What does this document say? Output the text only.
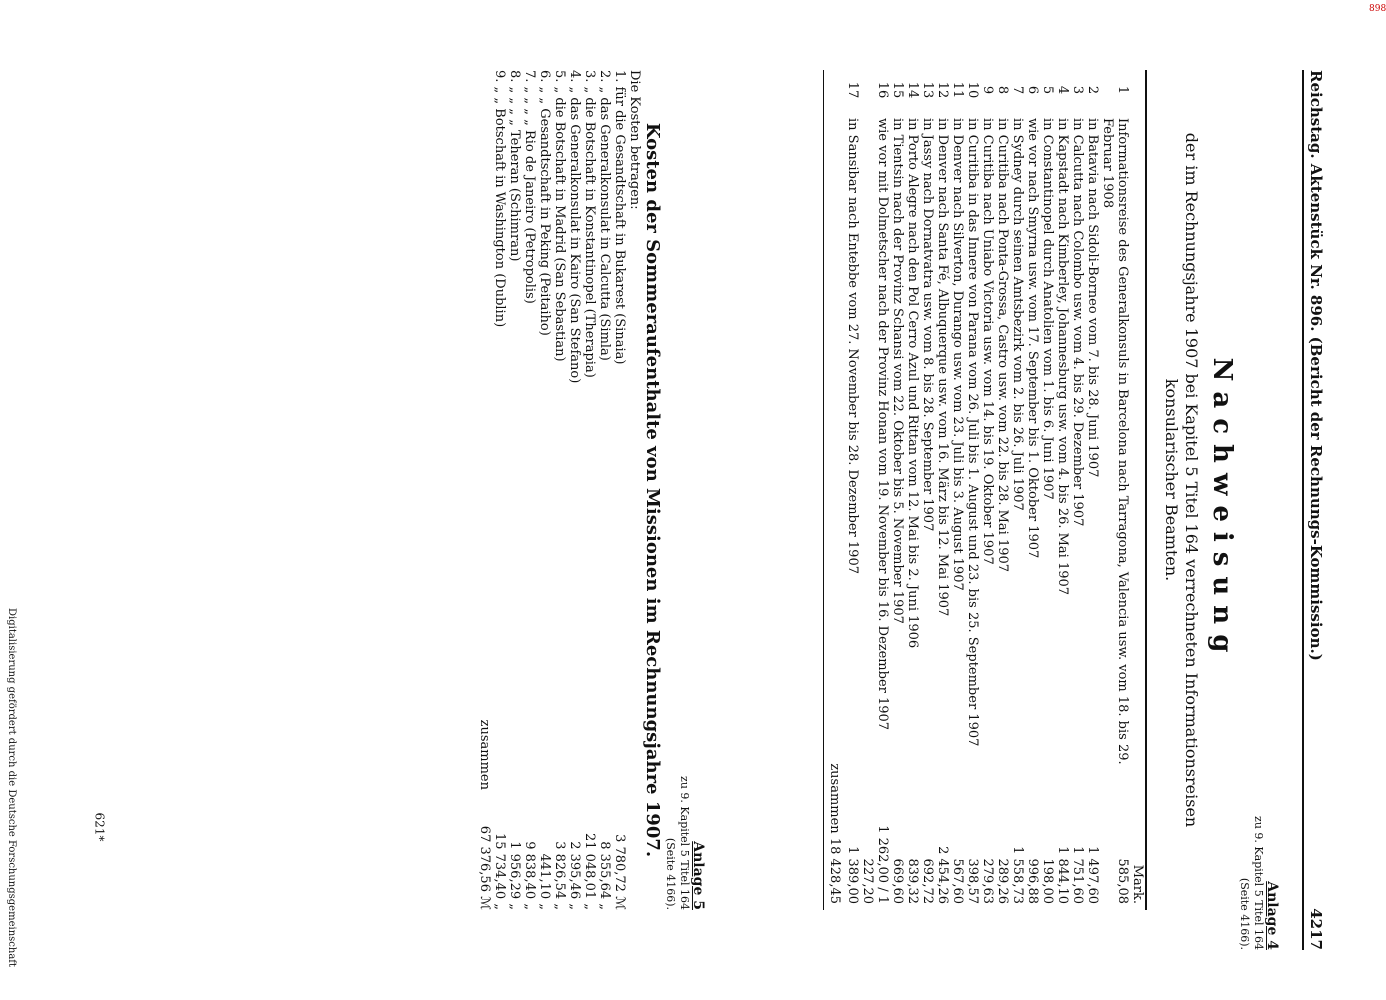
898
Reichstag. Aktenstück Nr. 896. (Bericht der Rechnungs-Kommission.)
4217
Anlage 4
zu 9. Kapitel 5 Titel 164
(Seite 4166).
Nachweisung
der im Rechnungsjahre 1907 bei Kapitel 5 Titel 164 verrechneten Informationsreisen konsularischer Beamten.
Mark.
1
Informationsreise des Generalkonsuls in Barcelona nach Tarragona, Valencia usw. vom 18. bis 29. Februar 1908
585,08
2
in Batavia nach Sidoli-Borneo vom 7. bis 28. Juni 1907
1 497,60
3
in Calcutta nach Colombo usw. vom 4. bis 29. Dezember 1907
1 751,60
4
in Kapstadt nach Kimberley, Johannesburg usw. vom 4. bis 26. Mai 1907
1 844,10
5
in Constantinopel durch Anatolien vom 1. bis 6. Juni 1907
198,00
6
wie vor nach Smyrna usw. vom 17. September bis 1. Oktober 1907
996,88
7
in Sydney durch seinen Amtsbezirk vom 2. bis 26. Juli 1907
1 558,73
8
in Curitiba nach Ponta-Grossa, Castro usw. vom 22. bis 28. Mai 1907
289,26
9
in Curitiba nach Uniabo Victoria usw. vom 14. bis 19. Oktober 1907
279,63
10
in Curitiba in das Innere von Parana vom 26. Juli bis 1. August und 23. bis 25. September 1907
398,57
11
in Denver nach Silverton, Durango usw. vom 23. Juli bis 3. August 1907
567,60
12
in Denver nach Santa Fé, Albuquerque usw. vom 16. März bis 12. Mai 1907
2 454,26
13
in Jassy nach Dornatvatra usw. vom 8. bis 28. September 1907
692,72
14
in Porto Alegre nach den Pol Cerro Azul und Rittan vom 12. Mai bis 2. Juni 1906
839,32
15
in Tientsin nach der Provinz Schansi vom 22. Oktober bis 5. November 1907
669,60
16
wie vor mit Dolmetscher nach der Provinz Honan vom 19. November bis 16. Dezember 1907
1 262,00 / 1 227,20
17
in Sansibar nach Entebbe vom 27. November bis 28. Dezember 1907
1 389,00
zusammen 18 428,45
Anlage 5
zu 9. Kapitel 5 Titel 164
(Seite 4166).
Kosten der Sommeraufenthalte von Missionen im Rechnungsjahre 1907.
Die Kosten betragen:
1. für die Gesandtschaft in Bukarest (Sinaia)
3 780,72 ℳ
2. „ das Generalkonsulat in Calcutta (Simla)
8 355,64 „
3. „ die Botschaft in Konstantinopel (Therapia)
21 048,01 „
4. „ das Generalkonsulat in Kairo (San Stefano)
2 395,46 „
5. „ die Botschaft in Madrid (San Sebastian)
3 826,54 „
6. „ „ Gesandtschaft in Peking (Peitaiho)
441,10 „
7. „ „ „ „ Rio de Janeiro (Petropolis)
9 838,40 „
8. „ „ „ „ Teheran (Schimran)
1 956,29 „
9. „ „ Botschaft in Washington (Dublin)
15 734,40 „
zusammen
67 376,56 ℳ
621*
Digitalisierung gefördert durch die Deutsche Forschungsgemeinschaft
